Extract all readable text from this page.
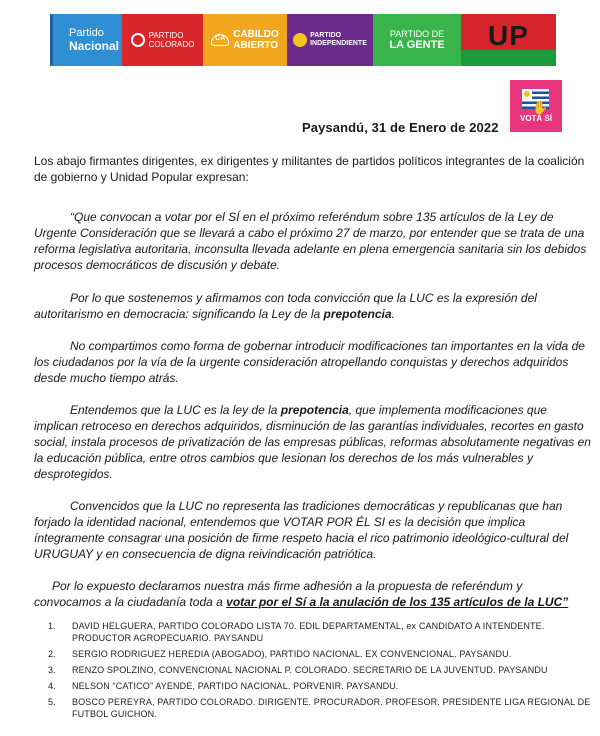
Partido
Nacional
PARTIDO
COLORADO
CA CABILDO
ABIERTO
PARTIDO
INDEPENDIENTE
PARTIDO DE
LA GENTE UP
✋
VOTÁ SÍ
Paysandú, 31 de Enero de 2022
Los abajo firmantes dirigentes, ex dirigentes y militantes de partidos políticos integrantes de la coalición
de gobierno y Unidad Popular expresan:
“Que convocan a votar por el SÍ en el próximo referéndum sobre 135 artículos de la Ley de
Urgente Consideración que se llevará a cabo el próximo 27 de marzo, por entender que se trata de una
reforma legislativa autoritaria, inconsulta llevada adelante en plena emergencia sanitaria sin los debidos
procesos democráticos de discusión y debate.
Por lo que sostenemos y afirmamos con toda convicción que la LUC es la expresión del
autoritarismo en democracia: significando la Ley de la prepotencia.
No compartimos como forma de gobernar introducir modificaciones tan importantes en la vida de
los ciudadanos por la vía de la urgente consideración atropellando conquistas y derechos adquiridos
desde mucho tiempo atrás.
Entendemos que la LUC es la ley de la prepotencia, que implementa modificaciones que
implican retroceso en derechos adquiridos, disminución de las garantías individuales, recortes en gasto
social, instala procesos de privatización de las empresas públicas, reformas absolutamente negativas en
la educación pública, entre otros cambios que lesionan los derechos de los más vulnerables y
desprotegidos.
Convencidos que la LUC no representa las tradiciones democráticas y republicanas que han
forjado la identidad nacional, entendemos que VOTAR POR ÉL SI es la decisión que implica
íntegramente consagrar una posición de firme respeto hacia el rico patrimonio ideológico-cultural del
URUGUAY y en consecuencia de digna reivindicación patriótica.
Por lo expuesto declaramos nuestra más firme adhesión a la propuesta de referéndum y
convocamos a la ciudadanía toda a votar por el Sí a la anulación de los 135 artículos de la LUC”
1. DAVID HELGUERA, PARTIDO COLORADO LISTA 70. EDIL DEPARTAMENTAL, ex CANDIDATO A INTENDENTE.
PRODUCTOR AGROPECUARIO. PAYSANDU
2. SERGIO RODRIGUEZ HEREDIA (ABOGADO), PARTIDO NACIONAL. EX CONVENCIONAL. PAYSANDU.
3. RENZO SPOLZINO, CONVENCIONAL NACIONAL P. COLORADO. SECRETARIO DE LA JUVENTUD. PAYSANDU
4. NELSON “CATICO” AYENDE, PARTIDO NACIONAL. PORVENIR. PAYSANDU.
5. BOSCO PEREYRA, PARTIDO COLORADO. DIRIGENTE. PROCURADOR. PROFESOR. PRESIDENTE LIGA REGIONAL DE
FUTBOL GUICHON.
